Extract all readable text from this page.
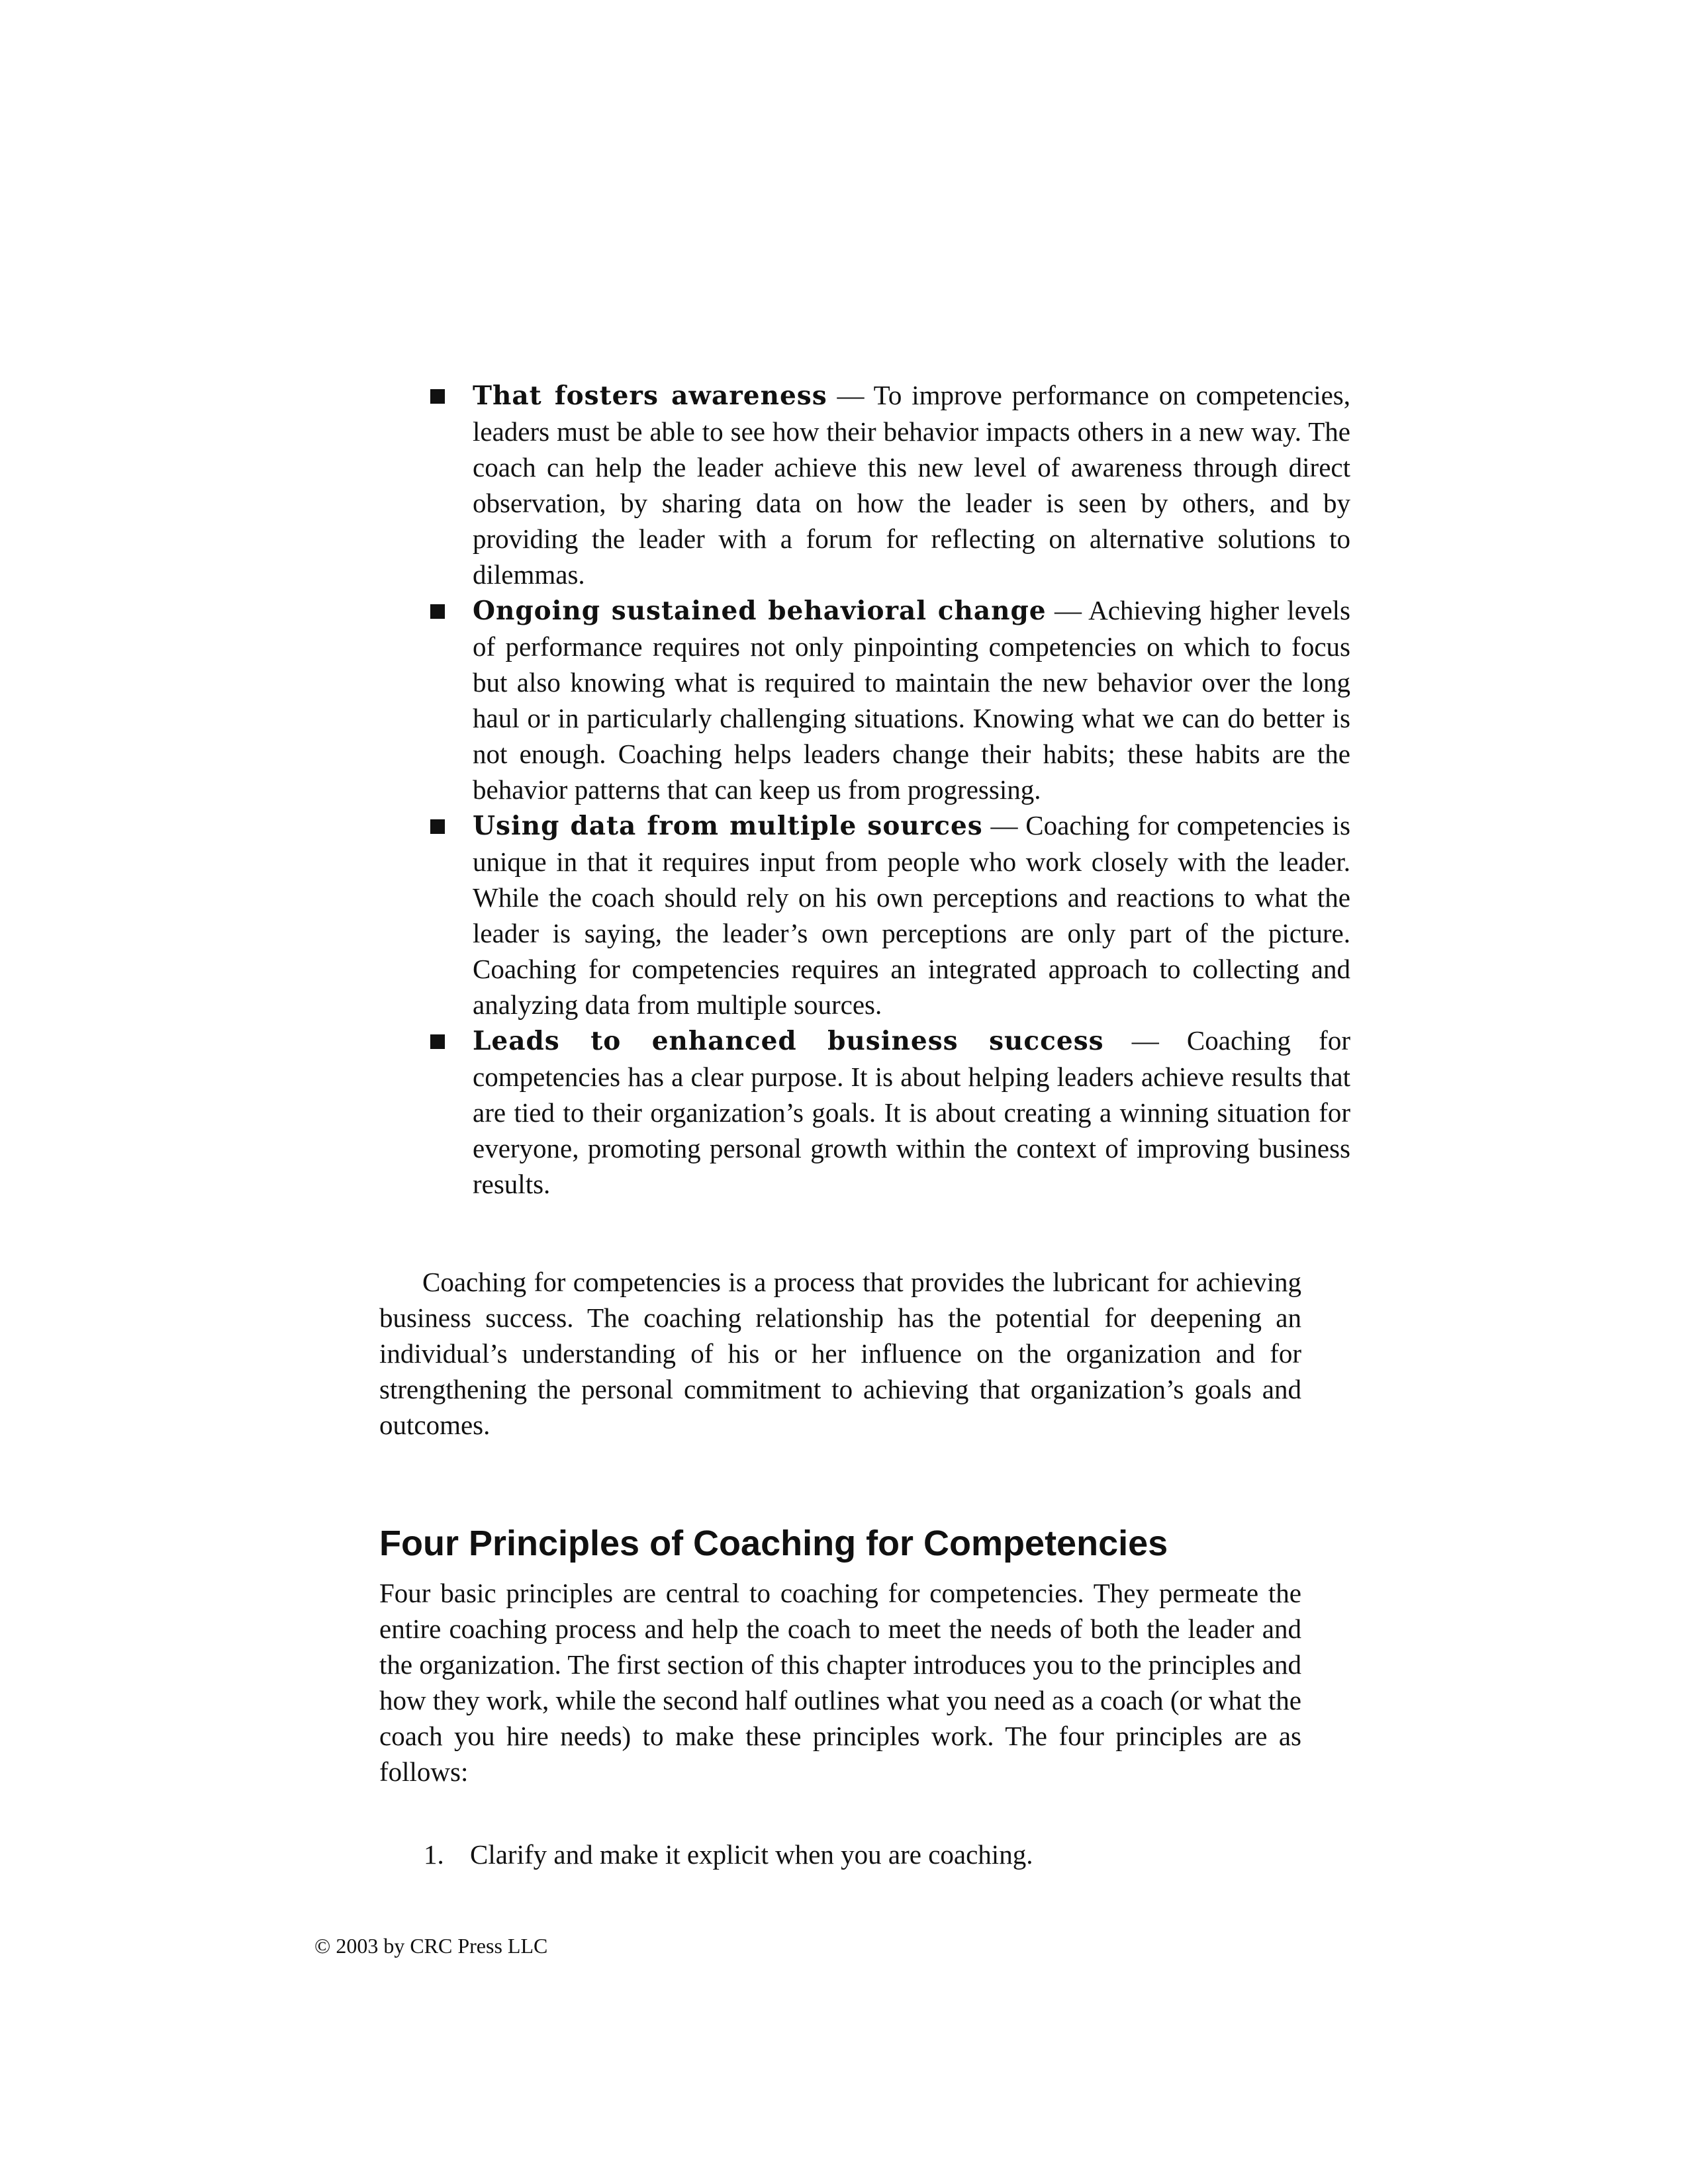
That fosters awareness — To improve performance on competencies, leaders must be able to see how their behavior impacts others in a new way. The coach can help the leader achieve this new level of awareness through direct observation, by sharing data on how the leader is seen by others, and by providing the leader with a forum for reflecting on alternative solutions to dilemmas.
Ongoing sustained behavioral change — Achieving higher levels of performance requires not only pinpointing competencies on which to focus but also knowing what is required to maintain the new behavior over the long haul or in particularly challenging situations. Knowing what we can do better is not enough. Coaching helps leaders change their habits; these habits are the behavior patterns that can keep us from progressing.
Using data from multiple sources — Coaching for competencies is unique in that it requires input from people who work closely with the leader. While the coach should rely on his own perceptions and reactions to what the leader is saying, the leader’s own perceptions are only part of the picture. Coaching for competencies requires an integrated approach to collecting and analyzing data from multiple sources.
Leads to enhanced business success — Coaching for competencies has a clear purpose. It is about helping leaders achieve results that are tied to their organization’s goals. It is about creating a winning situation for everyone, promoting personal growth within the context of improving business results.

Coaching for competencies is a process that provides the lubricant for achieving business success. The coaching relationship has the potential for deepening an individual’s understanding of his or her influence on the organization and for strengthening the personal commitment to achieving that organization’s goals and outcomes.

Four Principles of Coaching for Competencies

Four basic principles are central to coaching for competencies. They permeate the entire coaching process and help the coach to meet the needs of both the leader and the organization. The first section of this chapter introduces you to the principles and how they work, while the second half outlines what you need as a coach (or what the coach you hire needs) to make these principles work. The four principles are as follows:

1. Clarify and make it explicit when you are coaching.
© 2003 by CRC Press LLC
